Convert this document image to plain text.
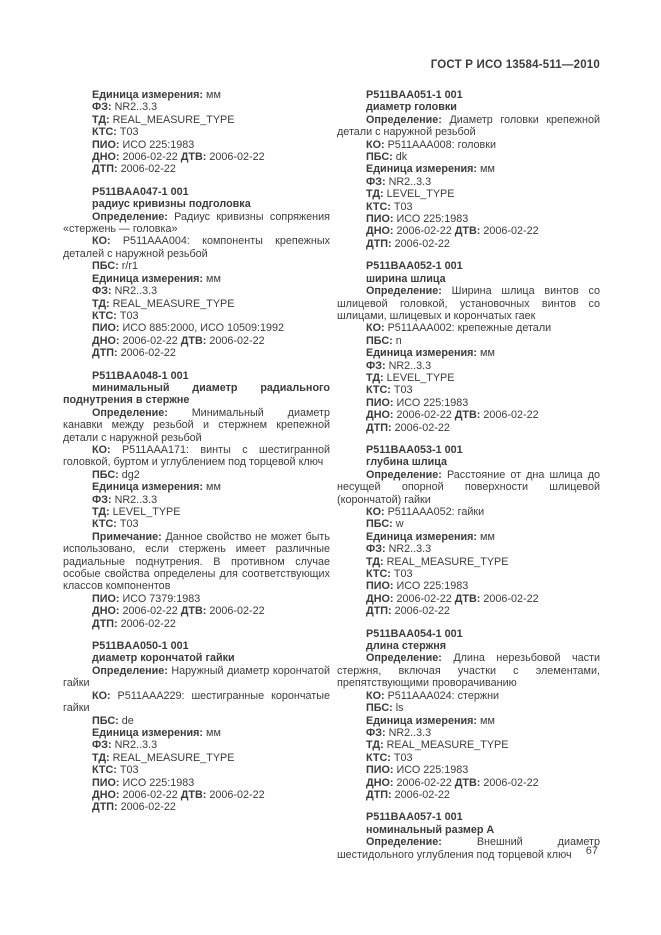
ГОСТ Р ИСО 13584-511—2010

Единица измерения: мм

ФЗ: NR2..3.3

ТД: REAL_MEASURE_TYPE

КТС: Т03

ПИО: ИСО 225:1983

ДНО: 2006-02-22 ДТВ: 2006-02-22

ДТП: 2006-02-22

P511BAA047-1 001

радиус кривизны подголовка

Определение: Радиус кривизны сопряжения «стержень — головка»

КО: P511AAA004: компоненты крепежных деталей с наружной резьбой

ПБС: r/r1

Единица измерения: мм

ФЗ: NR2..3.3

ТД: REAL_MEASURE_TYPE

КТС: Т03

ПИО: ИСО 885:2000, ИСО 10509:1992

ДНО: 2006-02-22 ДТВ: 2006-02-22

ДТП: 2006-02-22

P511BAA048-1 001

минимальный диаметр радиального поднутрения в стержне

Определение: Минимальный диаметр канавки между резьбой и стержнем крепежной детали с наружной резьбой

КО: P511AAA171: винты с шестигранной головкой, буртом и углублением под торцевой ключ

ПБС: dg2

Единица измерения: мм

ФЗ: NR2..3.3

ТД: LEVEL_TYPE

КТС: Т03

Примечание: Данное свойство не может быть использовано, если стержень имеет различные радиальные поднутрения. В противном случае особые свойства определены для соответствующих классов компонентов

ПИО: ИСО 7379:1983

ДНО: 2006-02-22 ДТВ: 2006-02-22

ДТП: 2006-02-22

P511BAA050-1 001

диаметр корончатой гайки

Определение: Наружный диаметр корончатой гайки

КО: P511AAA229: шестигранные корончатые гайки

ПБС: de

Единица измерения: мм

ФЗ: NR2..3.3

ТД: REAL_MEASURE_TYPE

КТС: Т03

ПИО: ИСО 225:1983

ДНО: 2006-02-22 ДТВ: 2006-02-22

ДТП: 2006-02-22

P511BAA051-1 001

диаметр головки

Определение: Диаметр головки крепежной детали с наружной резьбой

КО: P511AAA008: головки

ПБС: dk

Единица измерения: мм

ФЗ: NR2..3.3

ТД: LEVEL_TYPE

КТС: Т03

ПИО: ИСО 225:1983

ДНО: 2006-02-22 ДТВ: 2006-02-22

ДТП: 2006-02-22

P511BAA052-1 001

ширина шлица

Определение: Ширина шлица винтов со шлицевой головкой, установочных винтов со шлицами, шлицевых и корончатых гаек

КО: P511AAA002: крепежные детали

ПБС: n

Единица измерения: мм

ФЗ: NR2..3.3

ТД: LEVEL_TYPE

КТС: Т03

ПИО: ИСО 225:1983

ДНО: 2006-02-22 ДТВ: 2006-02-22

ДТП: 2006-02-22

P511BAA053-1 001

глубина шлица

Определение: Расстояние от дна шлица до несущей опорной поверхности шлицевой (корончатой) гайки

КО: P511AAA052: гайки

ПБС: w

Единица измерения: мм

ФЗ: NR2..3.3

ТД: REAL_MEASURE_TYPE

КТС: Т03

ПИО: ИСО 225:1983

ДНО: 2006-02-22 ДТВ: 2006-02-22

ДТП: 2006-02-22

P511BAA054-1 001

длина стержня

Определение: Длина нерезьбовой части стержня, включая участки с элементами, препятствующими проворачиванию

КО: P511AAA024: стержни

ПБС: ls

Единица измерения: мм

ФЗ: NR2..3.3

ТД: REAL_MEASURE_TYPE

КТС: Т03

ПИО: ИСО 225:1983

ДНО: 2006-02-22 ДТВ: 2006-02-22

ДТП: 2006-02-22

P511BAA057-1 001

номинальный размер А

Определение: Внешний диаметр шестидольного углубления под торцевой ключ	67
